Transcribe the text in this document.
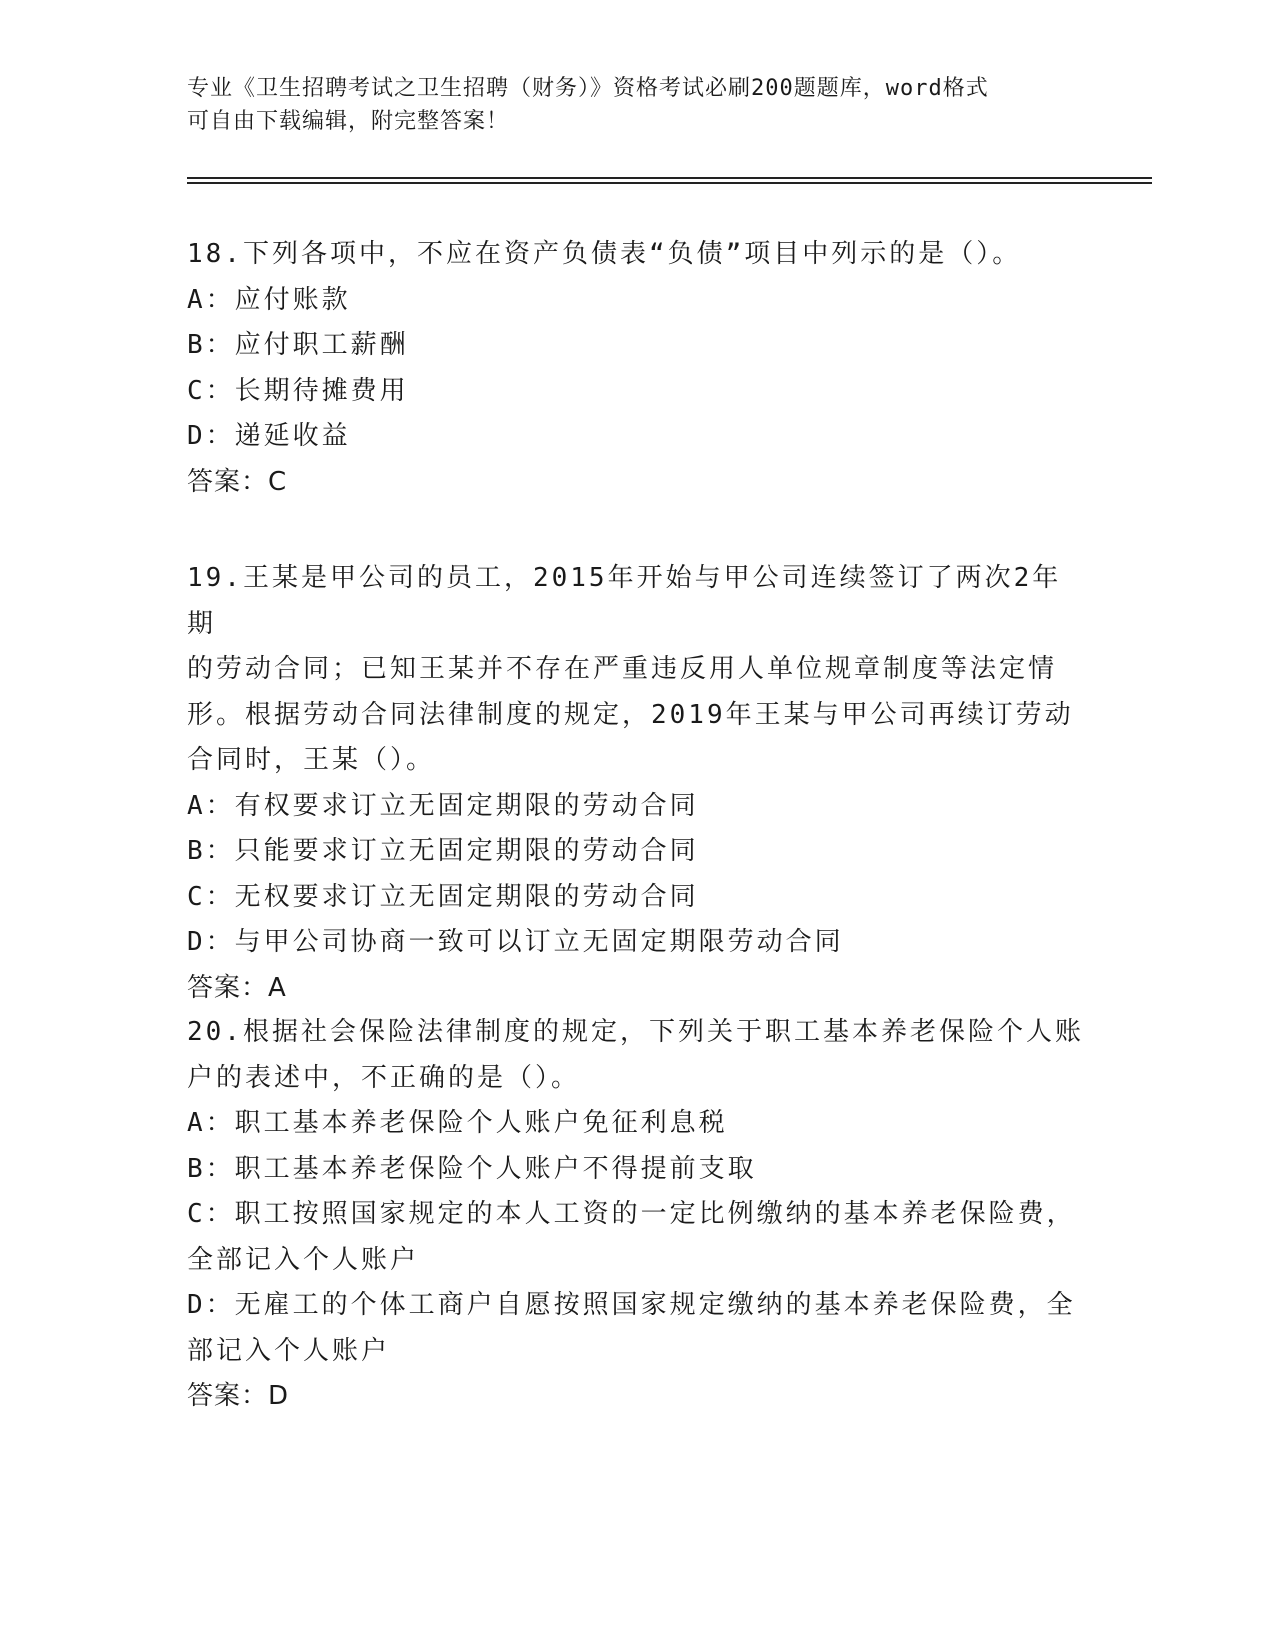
专业《卫生招聘考试之卫生招聘（财务）》资格考试必刷200题题库，word格式
可自由下载编辑，附完整答案！

18.下列各项中，不应在资产负债表“负债”项目中列示的是（）。

A：应付账款

B：应付职工薪酬

C：长期待摊费用

D：递延收益

答案：C

19.王某是甲公司的员工，2015年开始与甲公司连续签订了两次2年期

的劳动合同；已知王某并不存在严重违反用人单位规章制度等法定情

形。根据劳动合同法律制度的规定，2019年王某与甲公司再续订劳动

合同时，王某（）。

A：有权要求订立无固定期限的劳动合同

B：只能要求订立无固定期限的劳动合同

C：无权要求订立无固定期限的劳动合同

D：与甲公司协商一致可以订立无固定期限劳动合同

答案：A

20.根据社会保险法律制度的规定，下列关于职工基本养老保险个人账

户的表述中，不正确的是（）。

A：职工基本养老保险个人账户免征利息税

B：职工基本养老保险个人账户不得提前支取

C：职工按照国家规定的本人工资的一定比例缴纳的基本养老保险费，

全部记入个人账户

D：无雇工的个体工商户自愿按照国家规定缴纳的基本养老保险费，全

部记入个人账户

答案：D
